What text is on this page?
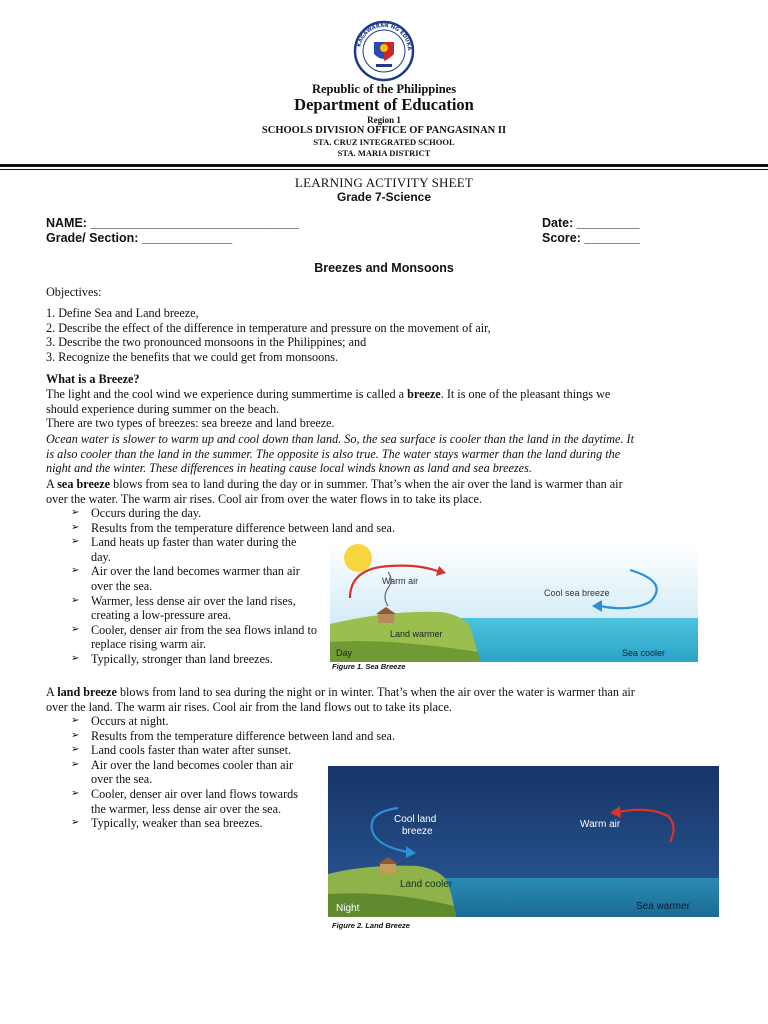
KAGAWARAN NG EDUKA
Republic of the Philippines
Department of Education
Region 1
SCHOOLS DIVISION OFFICE OF PANGASINAN II
STA. CRUZ INTEGRATED SCHOOL
STA. MARIA DISTRICT
LEARNING ACTIVITY SHEET
Grade 7-Science
NAME: ______________________________
Grade/ Section: _____________
Date: _________
Score: ________
Breezes and Monsoons
Objectives:
1. Define Sea and Land breeze,
2. Describe the effect of the difference in temperature and pressure on the movement of air,
3. Describe the two pronounced monsoons in the Philippines; and
3. Recognize the benefits that we could get from monsoons.
What is a Breeze?
The light and the cool wind we experience during summertime is called a breeze. It is one of the pleasant things we
should experience during summer on the beach.
There are two types of breezes: sea breeze and land breeze.
Ocean water is slower to warm up and cool down than land. So, the sea surface is cooler than the land in the daytime. It
is also cooler than the land in the summer. The opposite is also true. The water stays warmer than the land during the
night and the winter. These differences in heating cause local winds known as land and sea breezes.
A sea breeze blows from sea to land during the day or in summer. That’s when the air over the land is warmer than air
over the water. The warm air rises. Cool air from over the water flows in to take its place.
➢ Occurs during the day.
➢ Results from the temperature difference between land and sea.
➢ Land heats up faster than water during the day.
➢ Air over the land becomes warmer than air over the sea.
➢ Warmer, less dense air over the land rises, creating a low-pressure area.
➢ Cooler, denser air from the sea flows inland to replace rising warm air.
➢ Typically, stronger than land breezes.
Warm air
Cool sea breeze
Land warmer
Sea cooler
Day
Figure 1. Sea Breeze
A land breeze blows from land to sea during the night or in winter. That’s when the air over the water is warmer than air
over the land. The warm air rises. Cool air from the land flows out to take its place.
➢ Occurs at night.
➢ Results from the temperature difference between land and sea.
➢ Land cools faster than water after sunset.
➢ Air over the land becomes cooler than air over the sea.
➢ Cooler, denser air over land flows towards the warmer, less dense air over the sea.
➢ Typically, weaker than sea breezes.	Cool land
breeze
Warm air
Land cooler
Sea warmer
Night
Figure 2. Land Breeze
